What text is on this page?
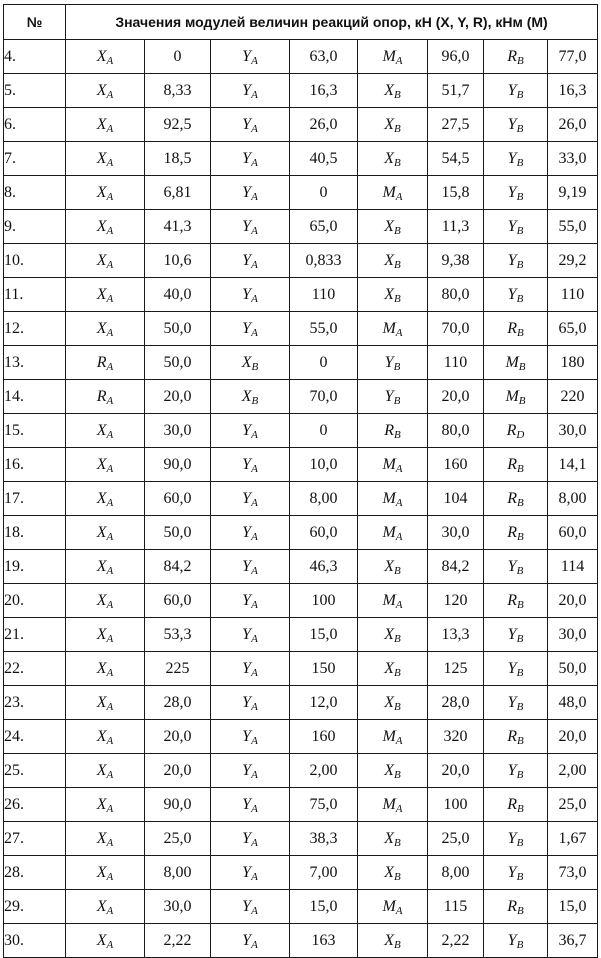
№	Значения модулей величин реакций опор, кН (X, Y, R), кНм (M)							
4.	XA	0	YA	63,0	MA	96,0	RB	77,0
5.	XA	8,33	YA	16,3	XB	51,7	YB	16,3
6.	XA	92,5	YA	26,0	XB	27,5	YB	26,0
7.	XA	18,5	YA	40,5	XB	54,5	YB	33,0
8.	XA	6,81	YA	0	MA	15,8	YB	9,19
9.	XA	41,3	YA	65,0	XB	11,3	YB	55,0
10.	XA	10,6	YA	0,833	XB	9,38	YB	29,2
11.	XA	40,0	YA	110	XB	80,0	YB	110
12.	XA	50,0	YA	55,0	MA	70,0	RB	65,0
13.	RA	50,0	XB	0	YB	110	MB	180
14.	RA	20,0	XB	70,0	YB	20,0	MB	220
15.	XA	30,0	YA	0	RB	80,0	RD	30,0
16.	XA	90,0	YA	10,0	MA	160	RB	14,1
17.	XA	60,0	YA	8,00	MA	104	RB	8,00
18.	XA	50,0	YA	60,0	MA	30,0	RB	60,0
19.	XA	84,2	YA	46,3	XB	84,2	YB	114
20.	XA	60,0	YA	100	MA	120	RB	20,0
21.	XA	53,3	YA	15,0	XB	13,3	YB	30,0
22.	XA	225	YA	150	XB	125	YB	50,0
23.	XA	28,0	YA	12,0	XB	28,0	YB	48,0
24.	XA	20,0	YA	160	MA	320	RB	20,0
25.	XA	20,0	YA	2,00	XB	20,0	YB	2,00
26.	XA	90,0	YA	75,0	MA	100	RB	25,0
27.	XA	25,0	YA	38,3	XB	25,0	YB	1,67
28.	XA	8,00	YA	7,00	XB	8,00	YB	73,0
29.	XA	30,0	YA	15,0	MA	115	RB	15,0
30.	XA	2,22	YA	163	XB	2,22	YB	36,7
